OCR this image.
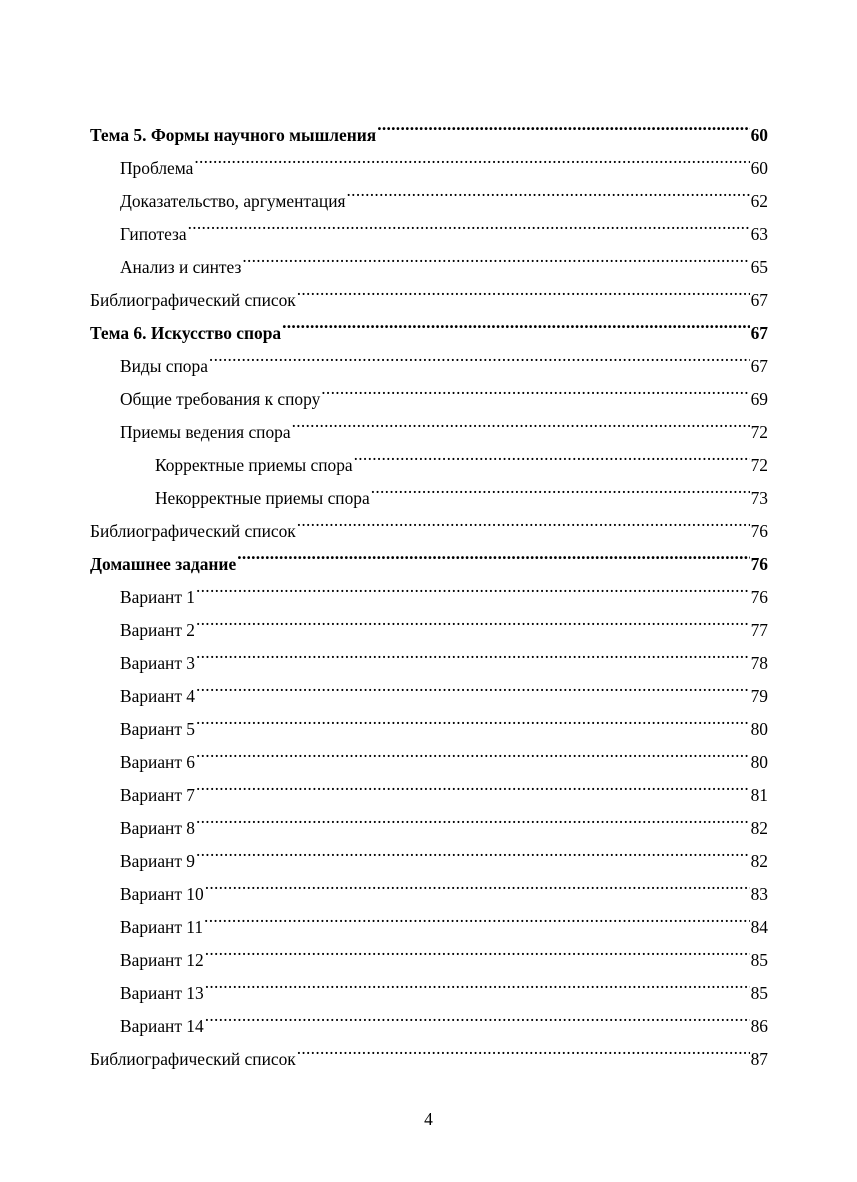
Тема 5. Формы научного мышления .....	60
Проблема .....	60
Доказательство, аргументация .....	62
Гипотеза .....	63
Анализ и синтез .....	65
Библиографический список .....	67
Тема 6. Искусство спора .....	67
Виды спора .....	67
Общие требования к спору .....	69
Приемы ведения спора .....	72
Корректные приемы спора .....	72
Некорректные приемы спора .....	73
Библиографический список .....	76
Домашнее задание .....	76
Вариант 1 .....	76
Вариант 2 .....	77
Вариант 3 .....	78
Вариант 4 .....	79
Вариант 5 .....	80
Вариант 6 .....	80
Вариант 7 .....	81
Вариант 8 .....	82
Вариант 9 .....	82
Вариант 10 .....	83
Вариант 11 .....	84
Вариант 12 .....	85
Вариант 13 .....	85
Вариант 14 .....	86
Библиографический список .....	87
4
